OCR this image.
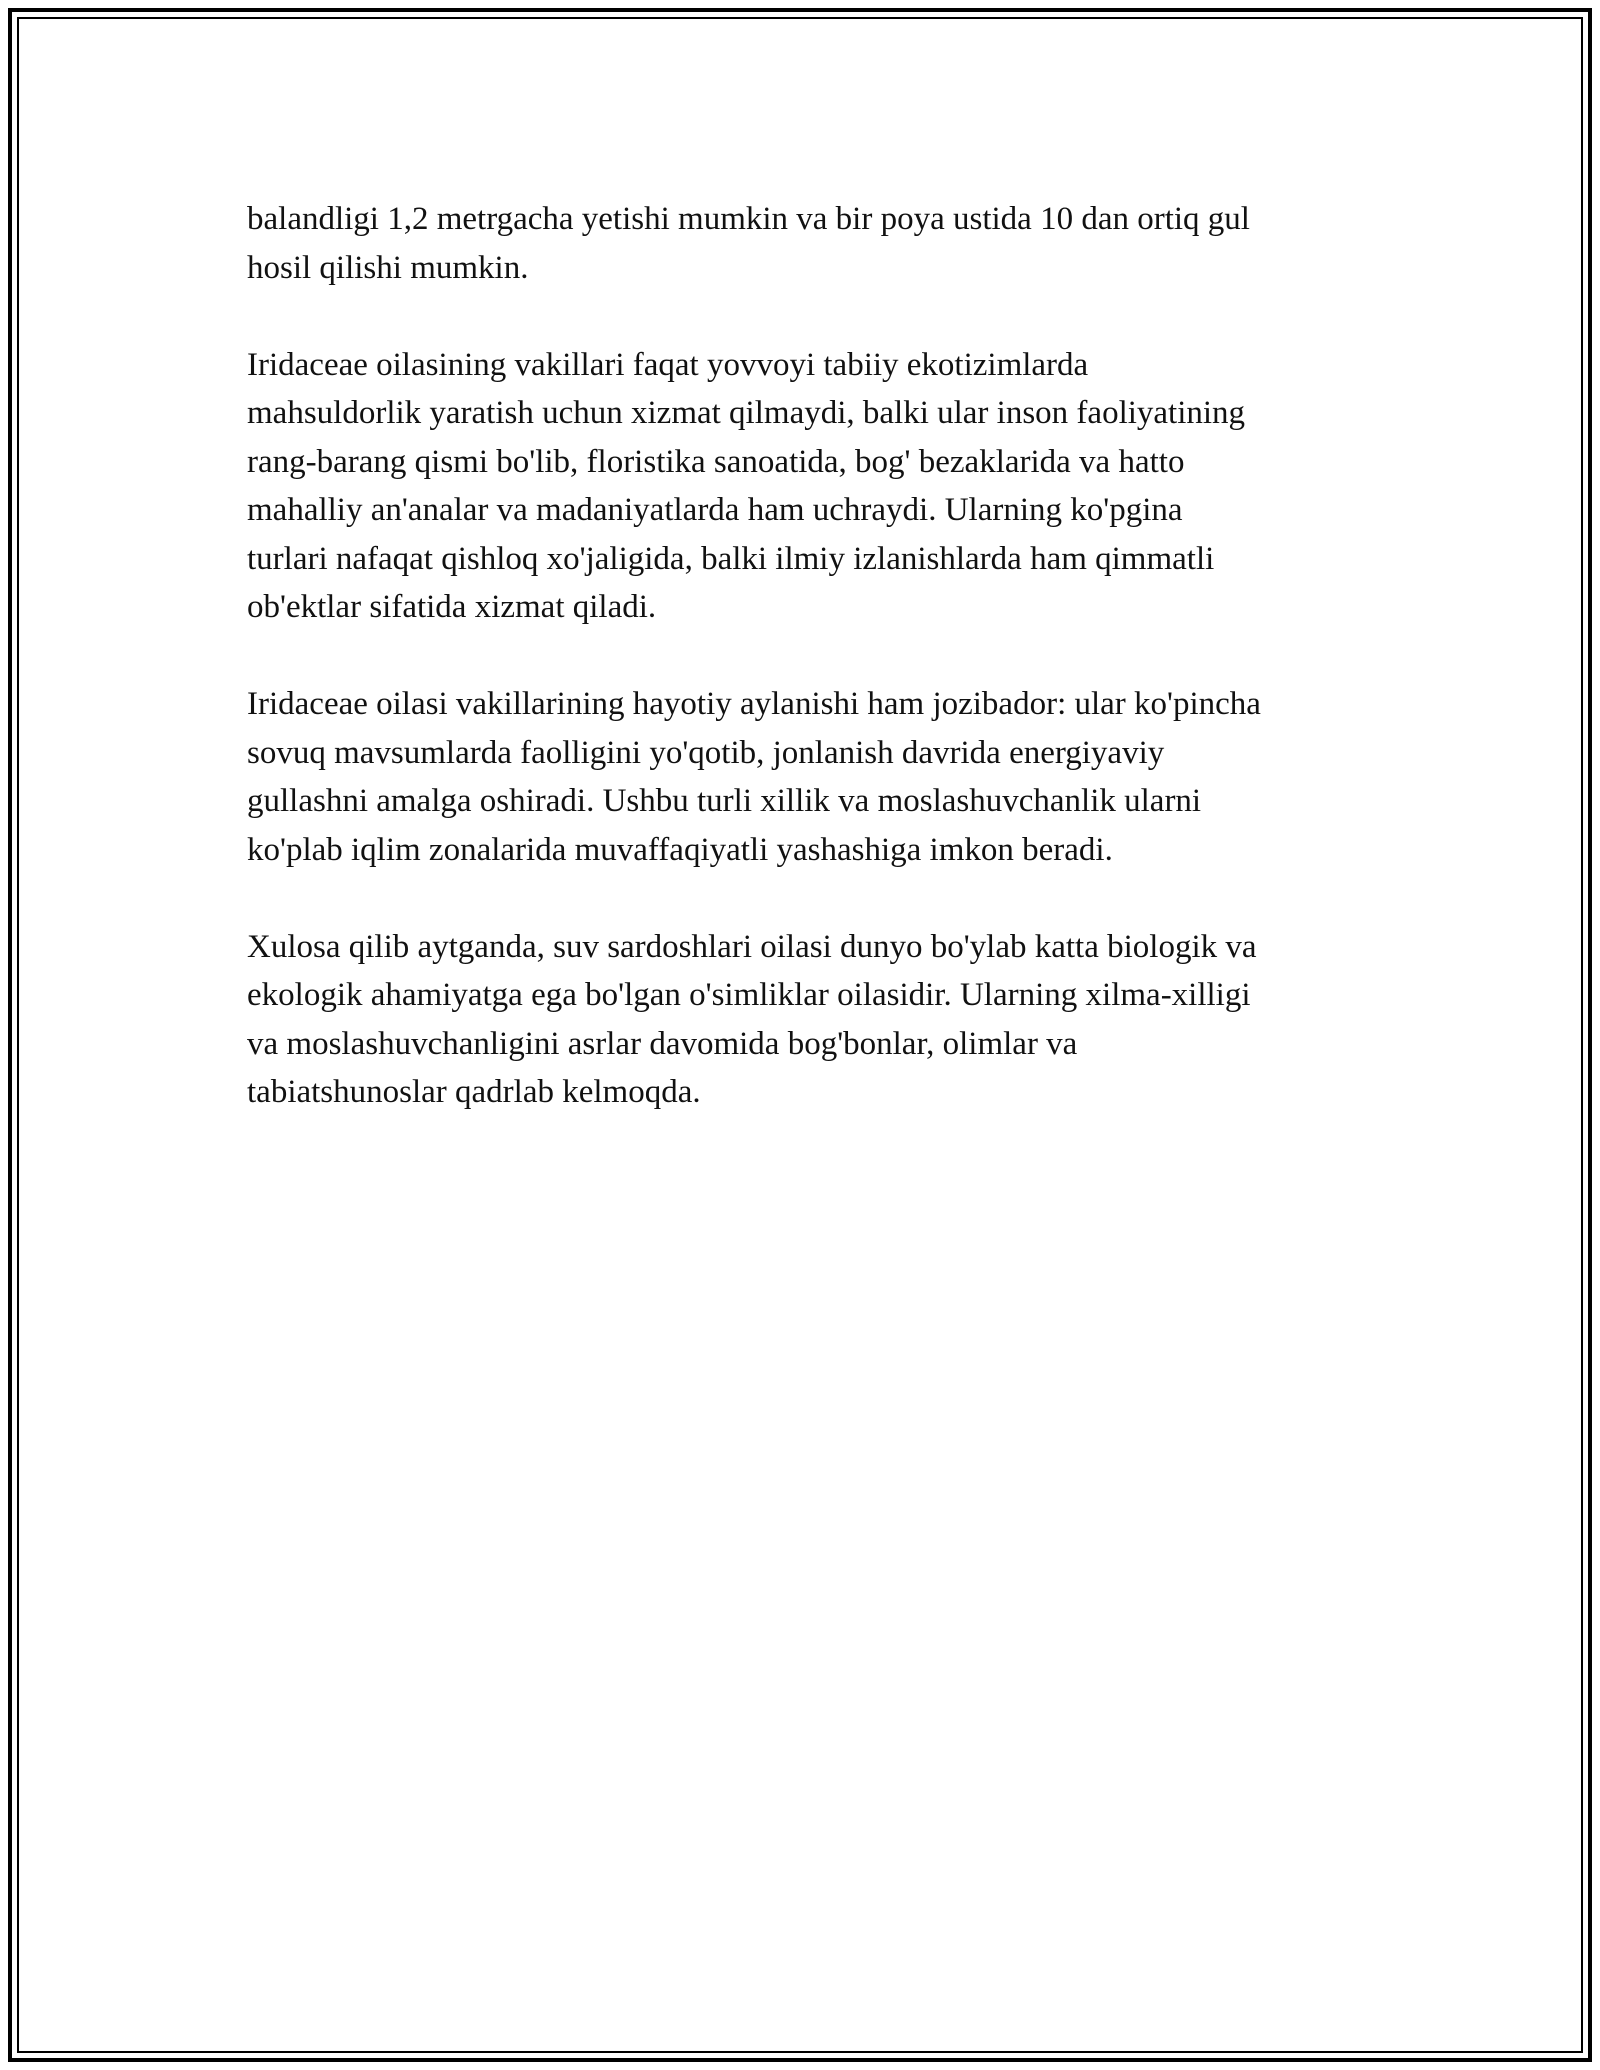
balandligi 1,2 metrgacha yetishi mumkin va bir poya ustida 10 dan ortiq gul
hosil qilishi mumkin.

Iridaceae oilasining vakillari faqat yovvoyi tabiiy ekotizimlarda
mahsuldorlik yaratish uchun xizmat qilmaydi, balki ular inson faoliyatining
rang-barang qismi bo'lib, floristika sanoatida, bog' bezaklarida va hatto
mahalliy an'analar va madaniyatlarda ham uchraydi. Ularning ko'pgina
turlari nafaqat qishloq xo'jaligida, balki ilmiy izlanishlarda ham qimmatli
ob'ektlar sifatida xizmat qiladi.

Iridaceae oilasi vakillarining hayotiy aylanishi ham jozibador: ular ko'pincha
sovuq mavsumlarda faolligini yo'qotib, jonlanish davrida energiyaviy
gullashni amalga oshiradi. Ushbu turli xillik va moslashuvchanlik ularni
ko'plab iqlim zonalarida muvaffaqiyatli yashashiga imkon beradi.

Xulosa qilib aytganda, suv sardoshlari oilasi dunyo bo'ylab katta biologik va
ekologik ahamiyatga ega bo'lgan o'simliklar oilasidir. Ularning xilma-xilligi
va moslashuvchanligini asrlar davomida bog'bonlar, olimlar va
tabiatshunoslar qadrlab kelmoqda.
